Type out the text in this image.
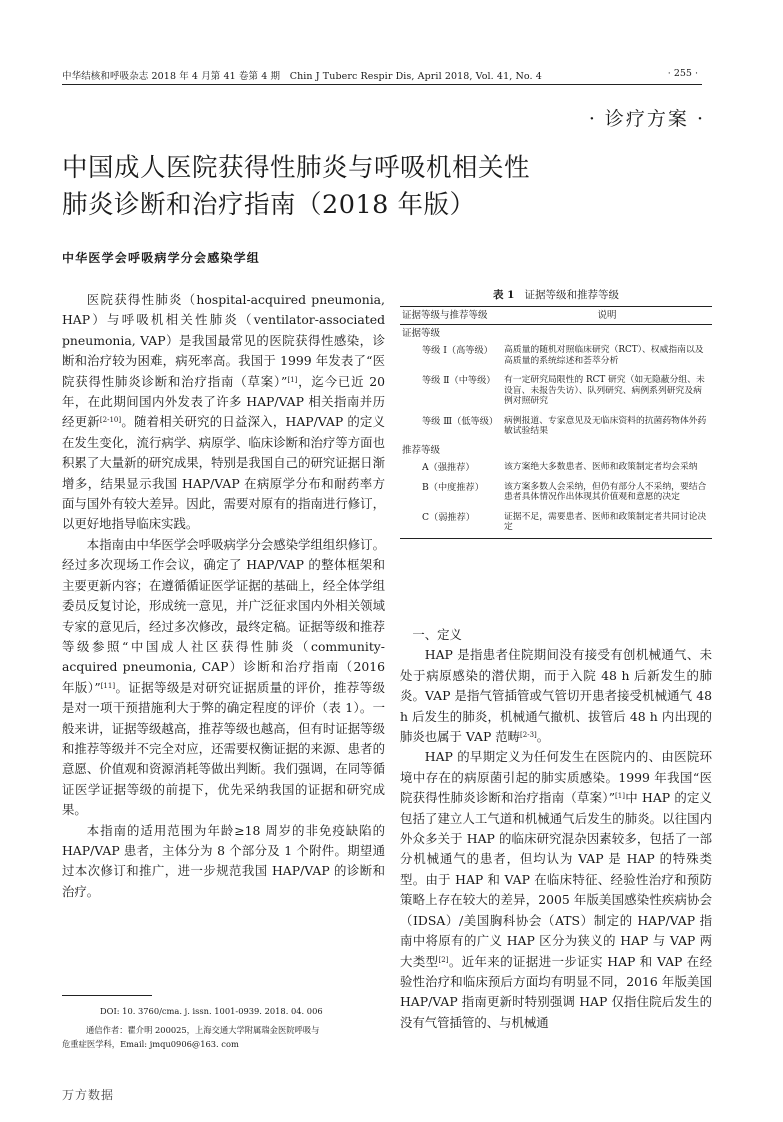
中华结核和呼吸杂志 2018 年 4 月第 41 卷第 4 期　Chin J Tuberc Respir Dis, April 2018, Vol. 41, No. 4	· 255 ·
· 诊疗方案 ·
中国成人医院获得性肺炎与呼吸机相关性
肺炎诊断和治疗指南（2018 年版）
中华医学会呼吸病学分会感染学组

医院获得性肺炎（hospital-acquired pneumonia, HAP）与呼吸机相关性肺炎（ventilator-associated pneumonia, VAP）是我国最常见的医院获得性感染，诊断和治疗较为困难，病死率高。我国于 1999 年发表了“医院获得性肺炎诊断和治疗指南（草案）”[1]，迄今已近 20 年，在此期间国内外发表了许多 HAP/VAP 相关指南并历经更新[2-10]。随着相关研究的日益深入，HAP/VAP 的定义在发生变化，流行病学、病原学、临床诊断和治疗等方面也积累了大量新的研究成果，特别是我国自己的研究证据日渐增多，结果显示我国 HAP/VAP 在病原学分布和耐药率方面与国外有较大差异。因此，需要对原有的指南进行修订，以更好地指导临床实践。

本指南由中华医学会呼吸病学分会感染学组组织修订。经过多次现场工作会议，确定了 HAP/VAP 的整体框架和主要更新内容；在遵循循证医学证据的基础上，经全体学组委员反复讨论，形成统一意见，并广泛征求国内外相关领域专家的意见后，经过多次修改，最终定稿。证据等级和推荐等级参照“中国成人社区获得性肺炎（community-acquired pneumonia, CAP）诊断和治疗指南（2016 年版）”[11]。证据等级是对研究证据质量的评价，推荐等级是对一项干预措施利大于弊的确定程度的评价（表 1）。一般来讲，证据等级越高，推荐等级也越高，但有时证据等级和推荐等级并不完全对应，还需要权衡证据的来源、患者的意愿、价值观和资源消耗等做出判断。我们强调，在同等循证医学证据等级的前提下，优先采纳我国的证据和研究成果。

本指南的适用范围为年龄≥18 周岁的非免疫缺陷的 HAP/VAP 患者，主体分为 8 个部分及 1 个附件。期望通过本次修订和推广，进一步规范我国 HAP/VAP 的诊断和治疗。

DOI: 10. 3760/cma. j. issn. 1001-0939. 2018. 04. 006
通信作者：瞿介明 200025，上海交通大学附属瑞金医院呼吸与
危重症医学科，Email: jmqu0906@163. com
表 1 证据等级和推荐等级
证据等级与推荐等级	说明
证据等级
等级 Ⅰ（高等级）	高质量的随机对照临床研究（RCT）、权威指南以及高质量的系统综述和荟萃分析
等级 Ⅱ（中等级） 有一定研究局限性的 RCT 研究（如无隐蔽分组、未设盲、未报告失访）、队列研究、病例系列研究及病例对照研究
等级 Ⅲ（低等级） 病例报道、专家意见及无临床资料的抗菌药物体外药敏试验结果
推荐等级
A（强推荐）	该方案绝大多数患者、医师和政策制定者均会采纳
B（中度推荐）	该方案多数人会采纳，但仍有部分人不采纳，要结合患者具体情况作出体现其价值观和意愿的决定
C（弱推荐）	证据不足，需要患者、医师和政策制定者共同讨论决定

一、定义

HAP 是指患者住院期间没有接受有创机械通气、未处于病原感染的潜伏期，而于入院 48 h 后新发生的肺炎。VAP 是指气管插管或气管切开患者接受机械通气 48 h 后发生的肺炎，机械通气撤机、拔管后 48 h 内出现的肺炎也属于 VAP 范畴[2-3]。

HAP 的早期定义为任何发生在医院内的、由医院环境中存在的病原菌引起的肺实质感染。1999 年我国“医院获得性肺炎诊断和治疗指南（草案）”[1]中 HAP 的定义包括了建立人工气道和机械通气后发生的肺炎。以往国内外众多关于 HAP 的临床研究混杂因素较多，包括了一部分机械通气的患者，但均认为 VAP 是 HAP 的特殊类型。由于 HAP 和 VAP 在临床特征、经验性治疗和预防策略上存在较大的差异，2005 年版美国感染性疾病协会（IDSA）/美国胸科协会（ATS）制定的 HAP/VAP 指南中将原有的广义 HAP 区分为狭义的 HAP 与 VAP 两大类型[2]。近年来的证据进一步证实 HAP 和 VAP 在经验性治疗和临床预后方面均有明显不同，2016 年版美国 HAP/VAP 指南更新时特别强调 HAP 仅指住院后发生的没有气管插管的、与机械通

万方数据
